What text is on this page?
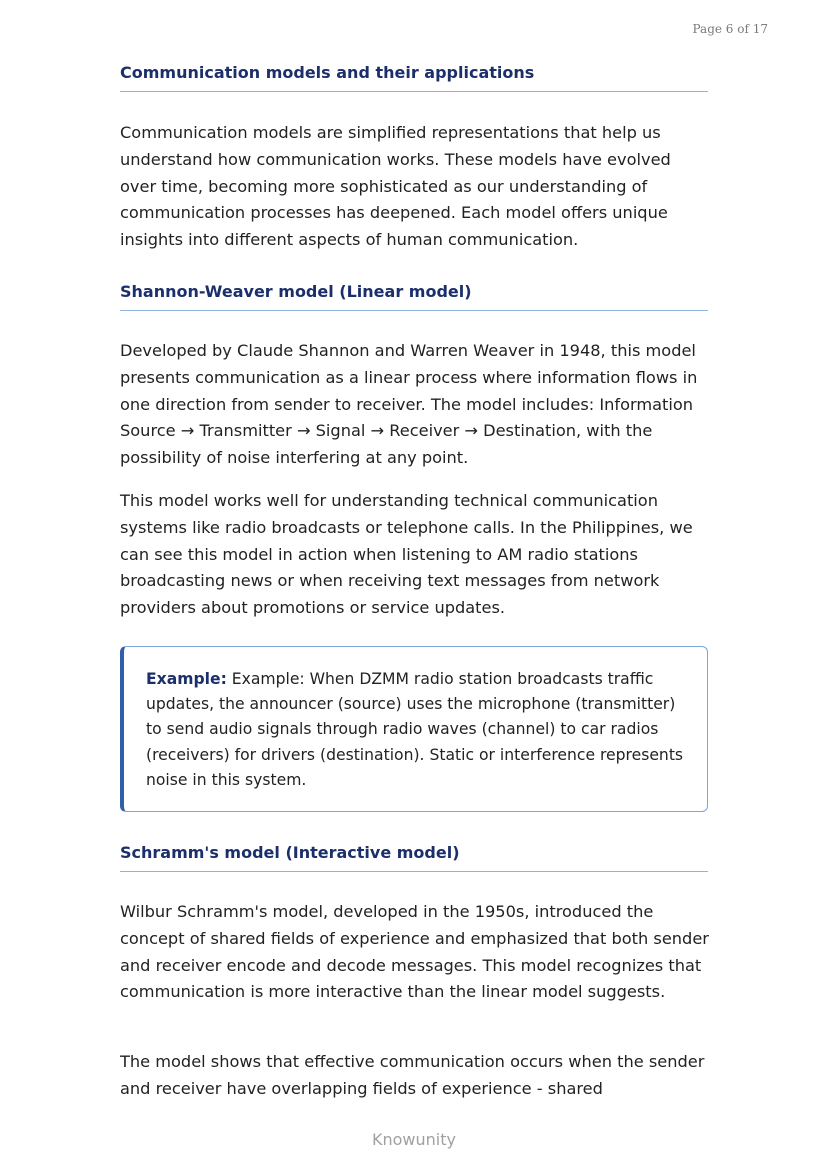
Page 6 of 17
Communication models and their applications

Communication models are simplified representations that help us understand how communication works. These models have evolved over time, becoming more sophisticated as our understanding of communication processes has deepened. Each model offers unique insights into different aspects of human communication.

Shannon-Weaver model (Linear model)

Developed by Claude Shannon and Warren Weaver in 1948, this model presents communication as a linear process where information flows in one direction from sender to receiver. The model includes: Information Source → Transmitter → Signal → Receiver → Destination, with the possibility of noise interfering at any point.

This model works well for understanding technical communication systems like radio broadcasts or telephone calls. In the Philippines, we can see this model in action when listening to AM radio stations broadcasting news or when receiving text messages from network providers about promotions or service updates.

Example: Example: When DZMM radio station broadcasts traffic updates, the announcer (source) uses the microphone (transmitter) to send audio signals through radio waves (channel) to car radios (receivers) for drivers (destination). Static or interference represents noise in this system.
Schramm's model (Interactive model)

Wilbur Schramm's model, developed in the 1950s, introduced the concept of shared fields of experience and emphasized that both sender and receiver encode and decode messages. This model recognizes that communication is more interactive than the linear model suggests.

The model shows that effective communication occurs when the sender and receiver have overlapping fields of experience - shared

Knowunity
